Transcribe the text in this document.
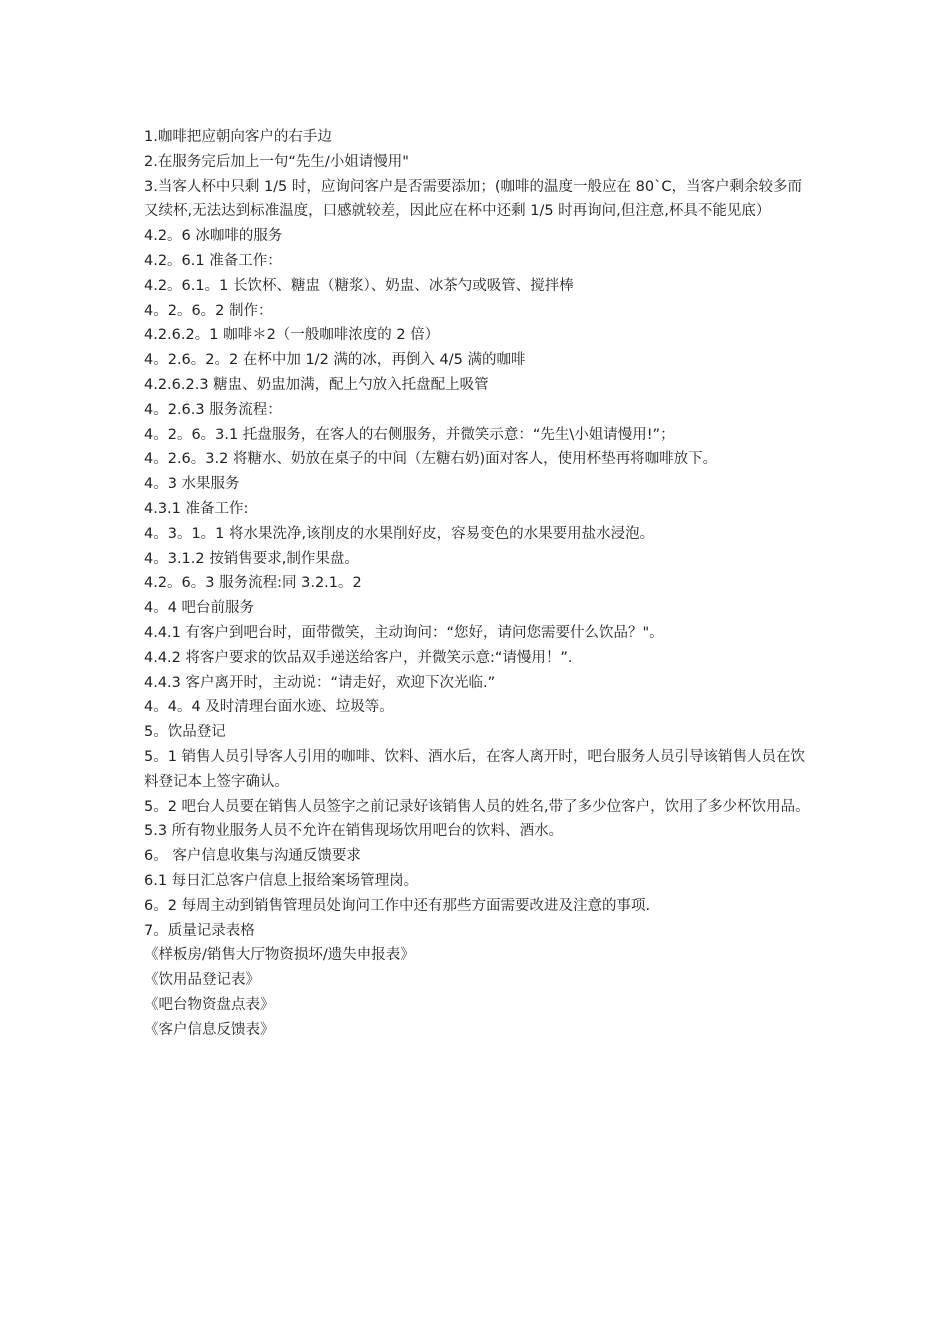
1.咖啡把应朝向客户的右手边

2.在服务完后加上一句“先生/小姐请慢用"

3.当客人杯中只剩 1/5 时，应询问客户是否需要添加；(咖啡的温度一般应在 80`C，当客户剩余较多而又续杯,无法达到标准温度，口感就较差，因此应在杯中还剩 1/5 时再询问,但注意,杯具不能见底）

4.2。6 冰咖啡的服务

4.2。6.1 准备工作：

4.2。6.1。1 长饮杯、糖盅（糖浆）、奶盅、冰茶勺或吸管、搅拌棒

4。2。6。2 制作：

4.2.6.2。1 咖啡＊2（一般咖啡浓度的 2 倍）

4。2.6。2。2 在杯中加 1/2 满的冰，再倒入 4/5 满的咖啡

4.2.6.2.3 糖盅、奶盅加满，配上勺放入托盘配上吸管

4。2.6.3 服务流程：

4。2。6。3.1 托盘服务，在客人的右侧服务，并微笑示意：“先生\小姐请慢用!”；

4。2.6。3.2 将糖水、奶放在桌子的中间（左糖右奶)面对客人，使用杯垫再将咖啡放下。

4。3 水果服务

4.3.1 准备工作:

4。3。1。1 将水果洗净,该削皮的水果削好皮，容易变色的水果要用盐水浸泡。

4。3.1.2 按销售要求,制作果盘。

4.2。6。3 服务流程:同 3.2.1。2

4。4 吧台前服务

4.4.1 有客户到吧台时，面带微笑，主动询问：“您好，请问您需要什么饮品？"。

4.4.2 将客户要求的饮品双手递送给客户，并微笑示意:“请慢用！”.

4.4.3 客户离开时，主动说：“请走好，欢迎下次光临.”

4。4。4 及时清理台面水迹、垃圾等。

5。饮品登记

5。1 销售人员引导客人引用的咖啡、饮料、酒水后，在客人离开时，吧台服务人员引导该销售人员在饮料登记本上签字确认。

5。2 吧台人员要在销售人员签字之前记录好该销售人员的姓名,带了多少位客户，饮用了多少杯饮用品。

5.3 所有物业服务人员不允许在销售现场饮用吧台的饮料、酒水。

6。 客户信息收集与沟通反馈要求

6.1 每日汇总客户信息上报给案场管理岗。

6。2 每周主动到销售管理员处询问工作中还有那些方面需要改进及注意的事项.

7。质量记录表格

《样板房/销售大厅物资损坏/遗失申报表》

《饮用品登记表》

《吧台物资盘点表》

《客户信息反馈表》
